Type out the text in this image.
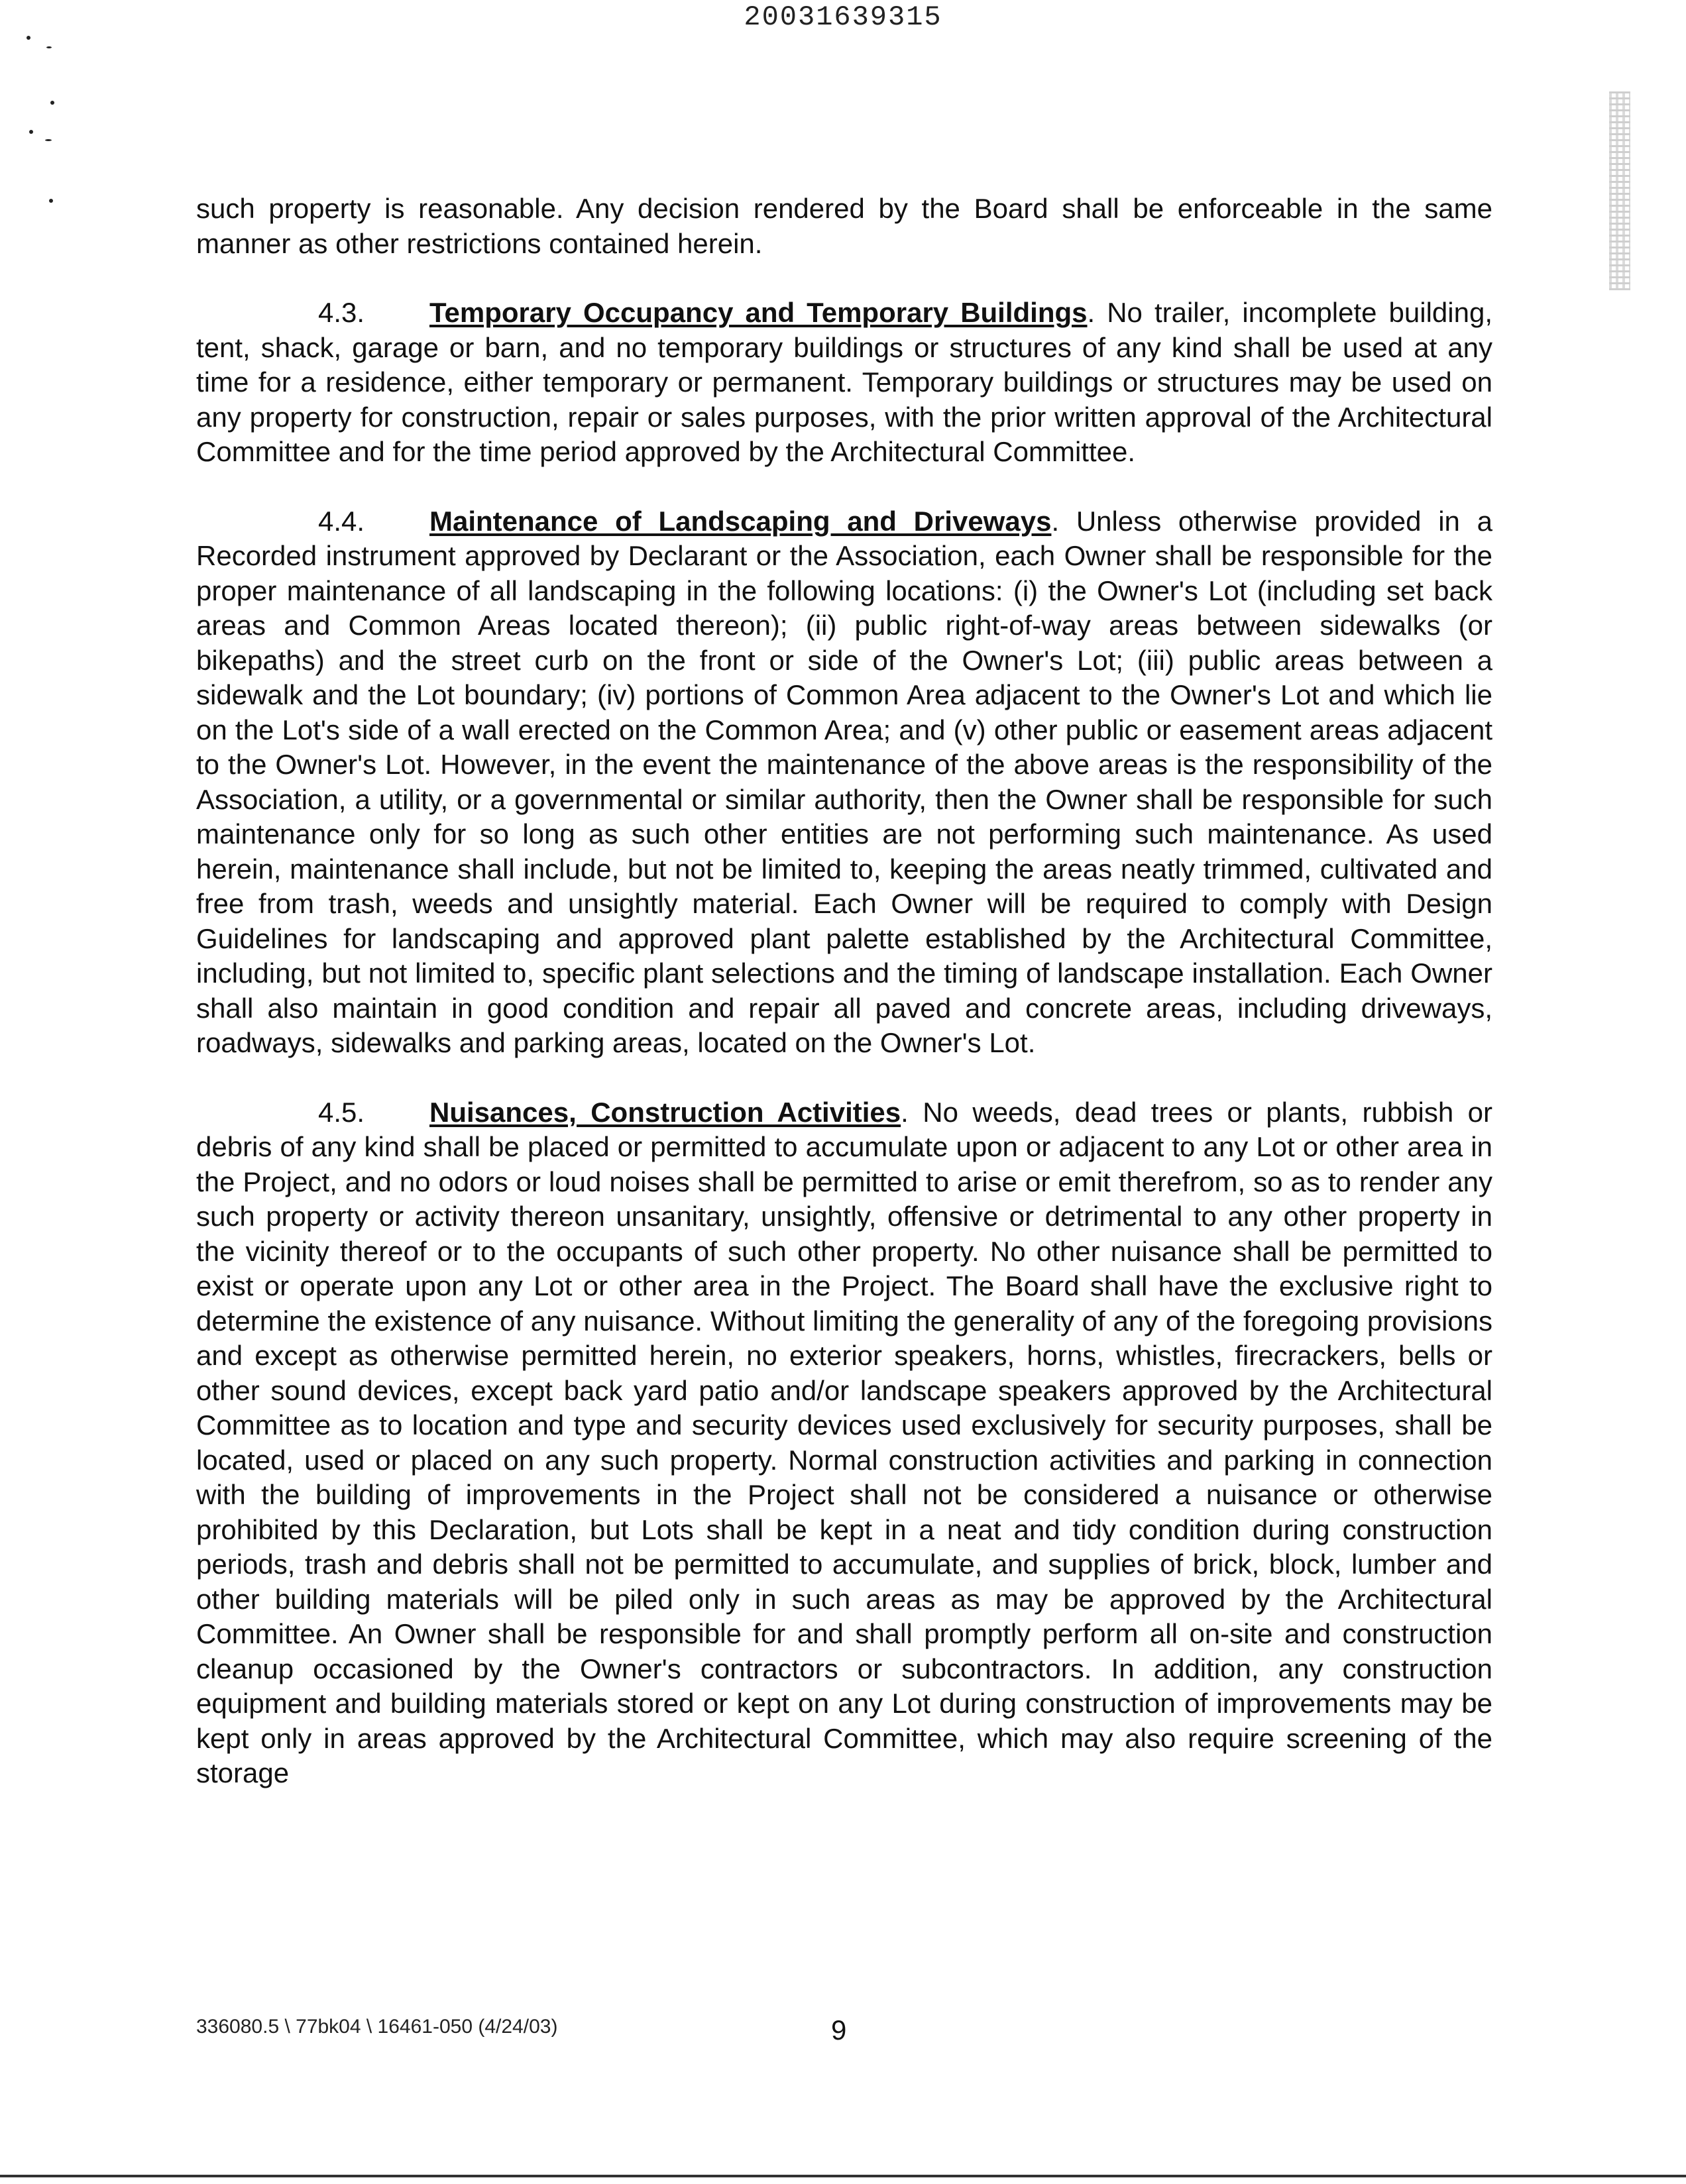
20031639315

such property is reasonable. Any decision rendered by the Board shall be enforceable in the same manner as other restrictions contained herein.

4.3. Temporary Occupancy and Temporary Buildings. No trailer, incomplete building, tent, shack, garage or barn, and no temporary buildings or structures of any kind shall be used at any time for a residence, either temporary or permanent. Temporary buildings or structures may be used on any property for construction, repair or sales purposes, with the prior written approval of the Architectural Committee and for the time period approved by the Architectural Committee.

4.4. Maintenance of Landscaping and Driveways. Unless otherwise provided in a Recorded instrument approved by Declarant or the Association, each Owner shall be responsible for the proper maintenance of all landscaping in the following locations: (i) the Owner's Lot (including set back areas and Common Areas located thereon); (ii) public right-of-way areas between sidewalks (or bikepaths) and the street curb on the front or side of the Owner's Lot; (iii) public areas between a sidewalk and the Lot boundary; (iv) portions of Common Area adjacent to the Owner's Lot and which lie on the Lot's side of a wall erected on the Common Area; and (v) other public or easement areas adjacent to the Owner's Lot. However, in the event the maintenance of the above areas is the responsibility of the Association, a utility, or a governmental or similar authority, then the Owner shall be responsible for such maintenance only for so long as such other entities are not performing such maintenance. As used herein, maintenance shall include, but not be limited to, keeping the areas neatly trimmed, cultivated and free from trash, weeds and unsightly material. Each Owner will be required to comply with Design Guidelines for landscaping and approved plant palette established by the Architectural Committee, including, but not limited to, specific plant selections and the timing of landscape installation. Each Owner shall also maintain in good condition and repair all paved and concrete areas, including driveways, roadways, sidewalks and parking areas, located on the Owner's Lot.

4.5. Nuisances, Construction Activities. No weeds, dead trees or plants, rubbish or debris of any kind shall be placed or permitted to accumulate upon or adjacent to any Lot or other area in the Project, and no odors or loud noises shall be permitted to arise or emit therefrom, so as to render any such property or activity thereon unsanitary, unsightly, offensive or detrimental to any other property in the vicinity thereof or to the occupants of such other property. No other nuisance shall be permitted to exist or operate upon any Lot or other area in the Project. The Board shall have the exclusive right to determine the existence of any nuisance. Without limiting the generality of any of the foregoing provisions and except as otherwise permitted herein, no exterior speakers, horns, whistles, firecrackers, bells or other sound devices, except back yard patio and/or landscape speakers approved by the Architectural Committee as to location and type and security devices used exclusively for security purposes, shall be located, used or placed on any such property. Normal construction activities and parking in connection with the building of improvements in the Project shall not be considered a nuisance or otherwise prohibited by this Declaration, but Lots shall be kept in a neat and tidy condition during construction periods, trash and debris shall not be permitted to accumulate, and supplies of brick, block, lumber and other building materials will be piled only in such areas as may be approved by the Architectural Committee. An Owner shall be responsible for and shall promptly perform all on-site and construction cleanup occasioned by the Owner's contractors or subcontractors. In addition, any construction equipment and building materials stored or kept on any Lot during construction of improvements may be kept only in areas approved by the Architectural Committee, which may also require screening of the storage

336080.5 \ 77bk04 \ 16461-050 (4/24/03)	9
